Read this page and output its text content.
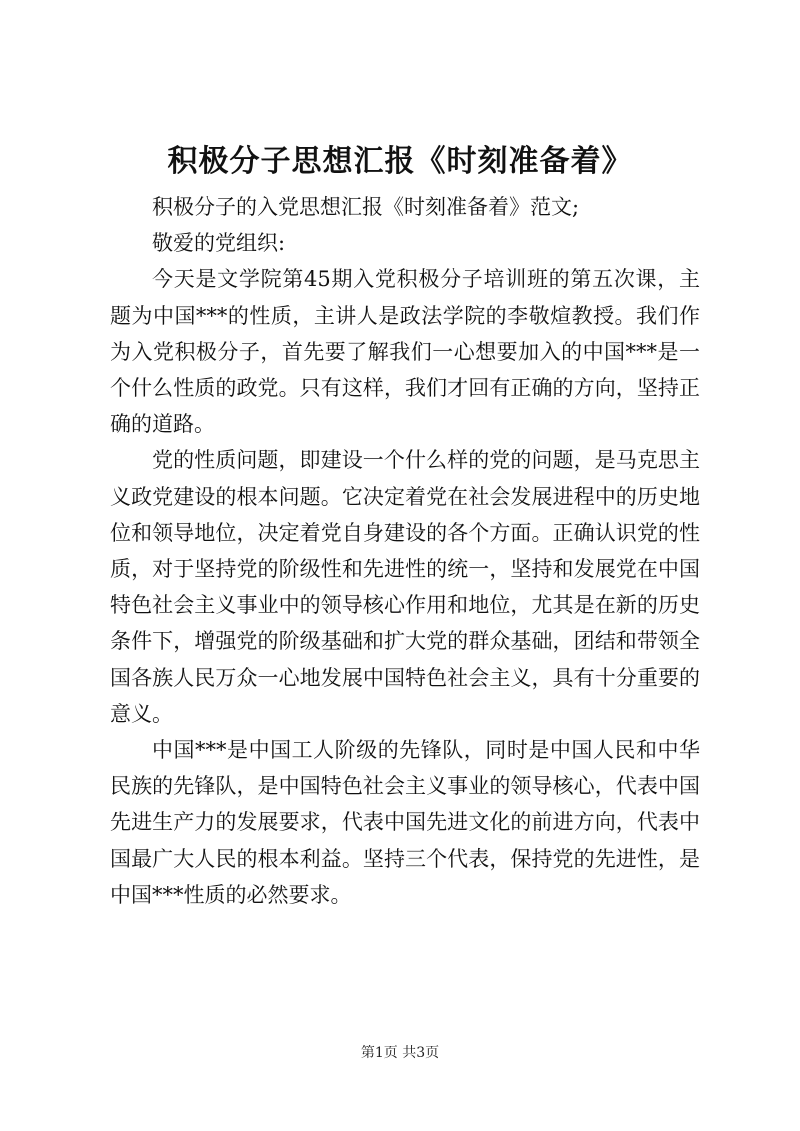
积极分子思想汇报《时刻准备着》

积极分子的入党思想汇报《时刻准备着》范文;

敬爱的党组织:

今天是文学院第45期入党积极分子培训班的第五次课，主题为中国***的性质，主讲人是政法学院的李敬煊教授。我们作为入党积极分子，首先要了解我们一心想要加入的中国***是一个什么性质的政党。只有这样，我们才回有正确的方向，坚持正确的道路。

党的性质问题，即建设一个什么样的党的问题，是马克思主义政党建设的根本问题。它决定着党在社会发展进程中的历史地位和领导地位，决定着党自身建设的各个方面。正确认识党的性质，对于坚持党的阶级性和先进性的统一，坚持和发展党在中国特色社会主义事业中的领导核心作用和地位，尤其是在新的历史条件下，增强党的阶级基础和扩大党的群众基础，团结和带领全国各族人民万众一心地发展中国特色社会主义，具有十分重要的意义。

中国***是中国工人阶级的先锋队，同时是中国人民和中华民族的先锋队，是中国特色社会主义事业的领导核心，代表中国先进生产力的发展要求，代表中国先进文化的前进方向，代表中国最广大人民的根本利益。坚持三个代表，保持党的先进性，是中国***性质的必然要求。

第1页 共3页
